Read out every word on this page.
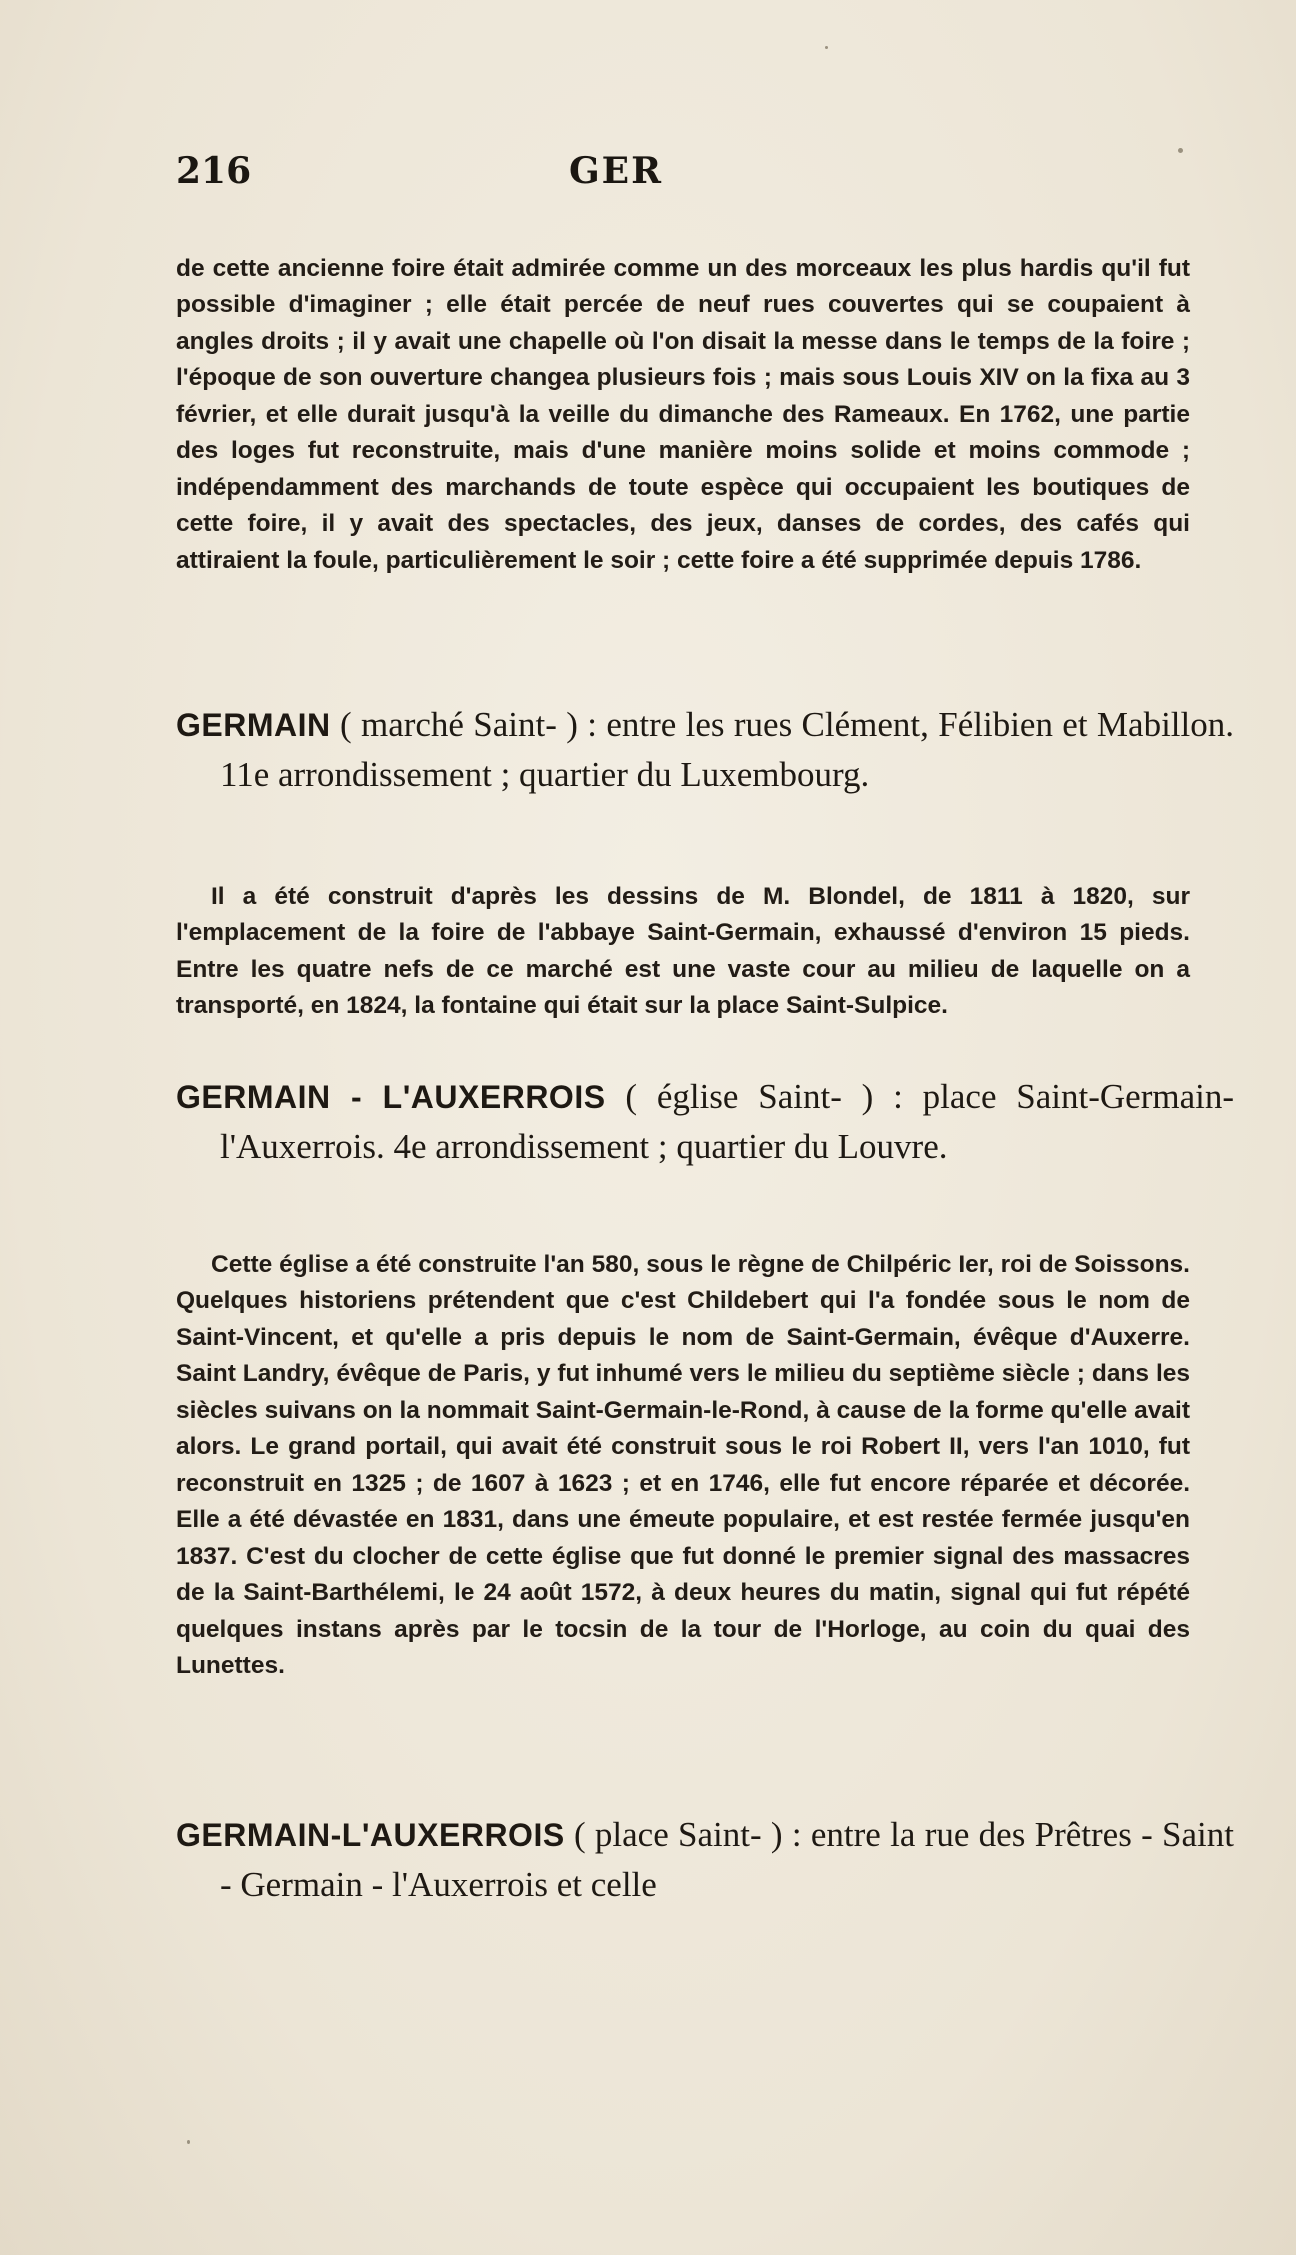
216	GER

de cette ancienne foire était admirée comme un des morceaux les plus hardis qu'il fut possible d'imaginer ; elle était percée de neuf rues couvertes qui se coupaient à angles droits ; il y avait une chapelle où l'on disait la messe dans le temps de la foire ; l'époque de son ouverture changea plusieurs fois ; mais sous Louis XIV on la fixa au 3 février, et elle durait jusqu'à la veille du dimanche des Rameaux. En 1762, une partie des loges fut reconstruite, mais d'une manière moins solide et moins commode ; indépendamment des marchands de toute espèce qui occupaient les boutiques de cette foire, il y avait des spectacles, des jeux, danses de cordes, des cafés qui attiraient la foule, particulièrement le soir ; cette foire a été supprimée depuis 1786.

GERMAIN ( marché Saint- ) : entre les rues Clément, Félibien et Mabillon. 11e arrondissement ; quartier du Luxembourg.

Il a été construit d'après les dessins de M. Blondel, de 1811 à 1820, sur l'emplacement de la foire de l'abbaye Saint-Germain, exhaussé d'environ 15 pieds. Entre les quatre nefs de ce marché est une vaste cour au milieu de laquelle on a transporté, en 1824, la fontaine qui était sur la place Saint-Sulpice.

GERMAIN - L'AUXERROIS ( église Saint- ) : place Saint-Germain-l'Auxerrois. 4e arrondissement ; quartier du Louvre.

Cette église a été construite l'an 580, sous le règne de Chilpéric Ier, roi de Soissons. Quelques historiens prétendent que c'est Childebert qui l'a fondée sous le nom de Saint-Vincent, et qu'elle a pris depuis le nom de Saint-Germain, évêque d'Auxerre. Saint Landry, évêque de Paris, y fut inhumé vers le milieu du septième siècle ; dans les siècles suivans on la nommait Saint-Germain-le-Rond, à cause de la forme qu'elle avait alors. Le grand portail, qui avait été construit sous le roi Robert II, vers l'an 1010, fut reconstruit en 1325 ; de 1607 à 1623 ; et en 1746, elle fut encore réparée et décorée. Elle a été dévastée en 1831, dans une émeute populaire, et est restée fermée jusqu'en 1837. C'est du clocher de cette église que fut donné le premier signal des massacres de la Saint-Barthélemi, le 24 août 1572, à deux heures du matin, signal qui fut répété quelques instans après par le tocsin de la tour de l'Horloge, au coin du quai des Lunettes.

GERMAIN-L'AUXERROIS ( place Saint- ) : entre la rue des Prêtres - Saint - Germain - l'Auxerrois et celle
